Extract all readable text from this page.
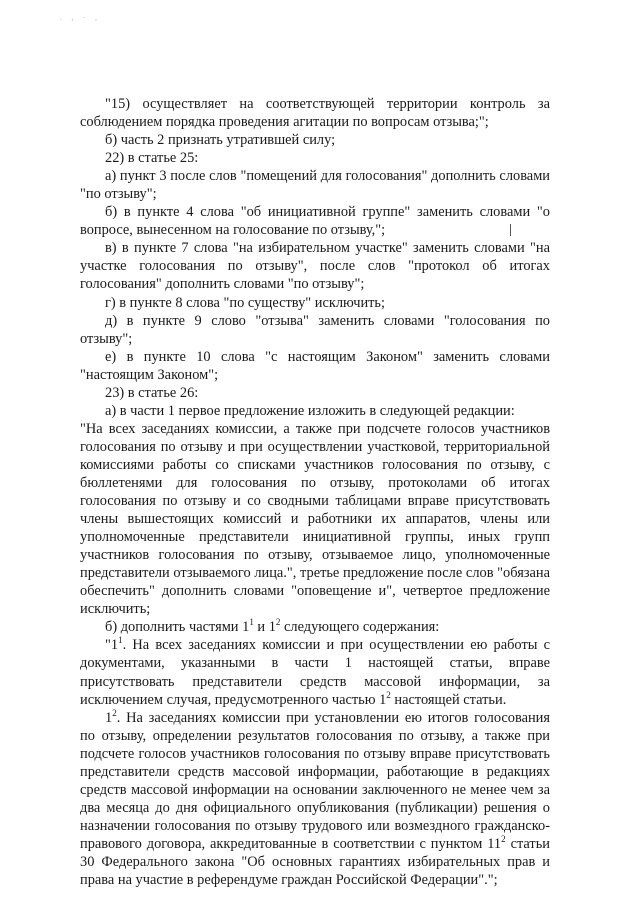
. , · ,

"15) осуществляет на соответствующей территории контроль за соблюдением порядка проведения агитации по вопросам отзыва;";

б) часть 2 признать утратившей силу;

22) в статье 25:

а) пункт 3 после слов "помещений для голосования" дополнить словами "по отзыву";

б) в пункте 4 слова "об инициативной группе" заменить словами "о вопросе, вынесенном на голосование по отзыву,";

в) в пункте 7 слова "на избирательном участке" заменить словами "на участке голосования по отзыву", после слов "протокол об итогах голосования" дополнить словами "по отзыву";

г) в пункте 8 слова "по существу" исключить;

д) в пункте 9 слово "отзыва" заменить словами "голосования по отзыву";

е) в пункте 10 слова "с настоящим Законом" заменить словами "настоящим Законом";

23) в статье 26:

а) в части 1 первое предложение изложить в следующей редакции:

"На всех заседаниях комиссии, а также при подсчете голосов участников голосования по отзыву и при осуществлении участковой, территориальной комиссиями работы со списками участников голосования по отзыву, с бюллетенями для голосования по отзыву, протоколами об итогах голосования по отзыву и со сводными таблицами вправе присутствовать члены вышестоящих комиссий и работники их аппаратов, члены или уполномоченные представители инициативной группы, иных групп участников голосования по отзыву, отзываемое лицо, уполномоченные представители отзываемого лица.", третье предложение после слов "обязана обеспечить" дополнить словами "оповещение и", четвертое предложение исключить;

б) дополнить частями $1^1$ и $1^2$ следующего содержания:

"$1^1$. На всех заседаниях комиссии и при осуществлении ею работы с документами, указанными в части 1 настоящей статьи, вправе присутствовать представители средств массовой информации, за исключением случая, предусмотренного частью $1^2$ настоящей статьи.

$1^2$. На заседаниях комиссии при установлении ею итогов голосования по отзыву, определении результатов голосования по отзыву, а также при подсчете голосов участников голосования по отзыву вправе присутствовать представители средств массовой информации, работающие в редакциях средств массовой информации на основании заключенного не менее чем за два месяца до дня официального опубликования (публикации) решения о назначении голосования по отзыву трудового или возмездного гражданско-правового договора, аккредитованные в соответствии с пунктом $11^2$ статьи 30 Федерального закона "Об основных гарантиях избирательных прав и права на участие в референдуме граждан Российской Федерации".";
